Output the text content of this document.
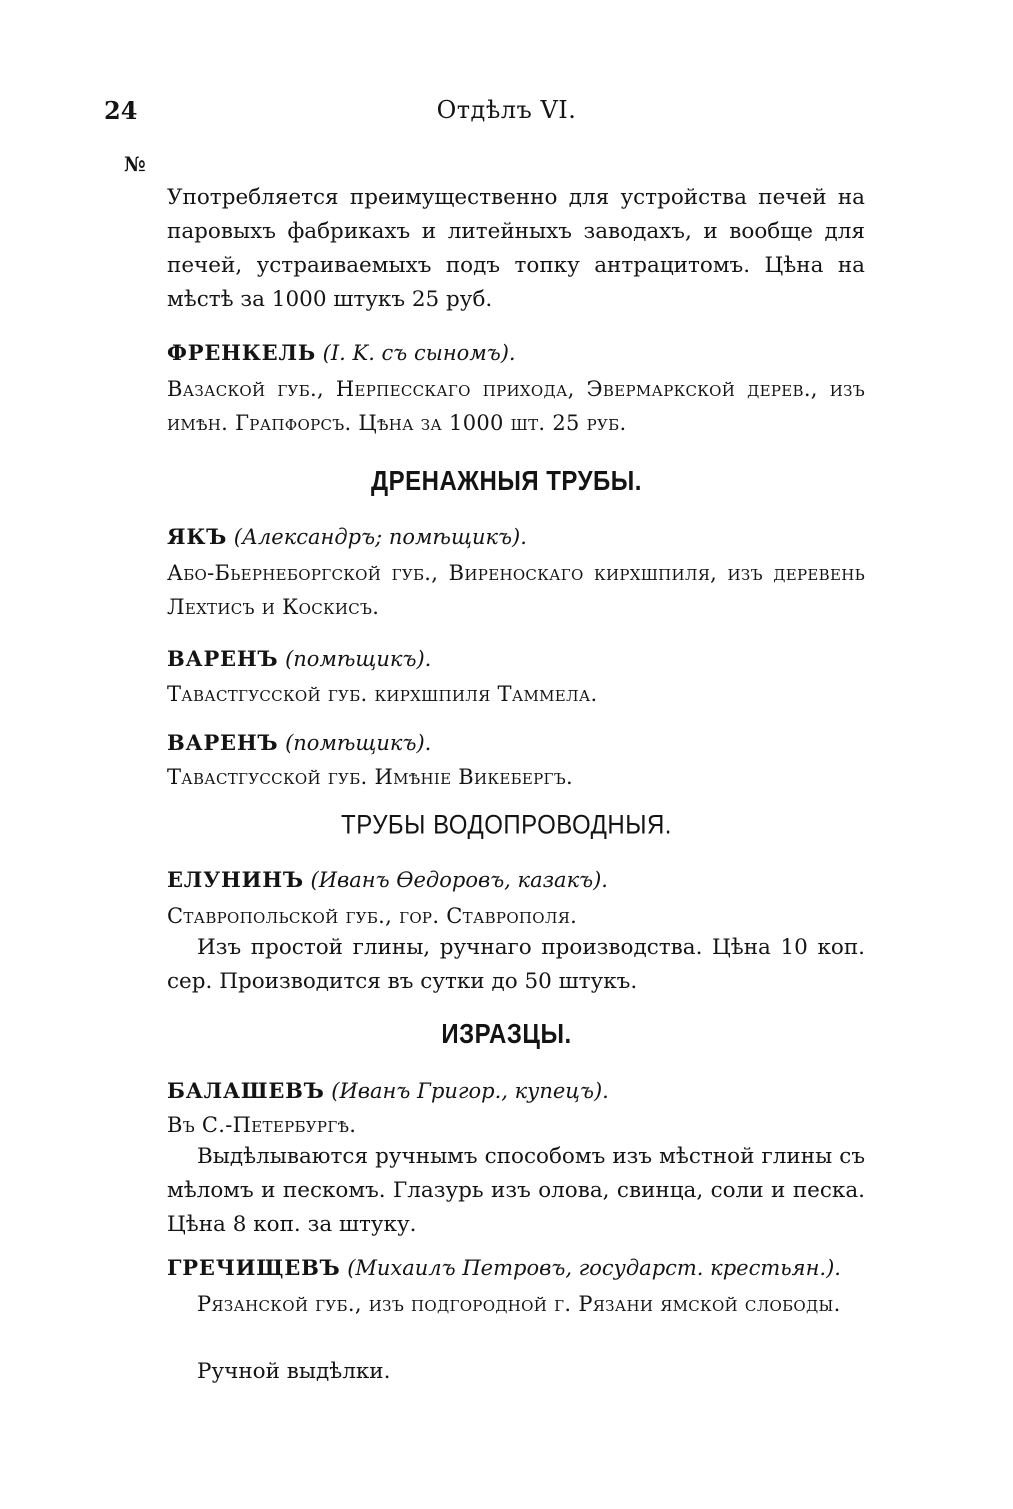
24	Отдѣлъ VI.
№
Употребляется преимущественно для устройства печей на паровыхъ фабрикахъ и литейныхъ заводахъ, и вообще для печей, устраиваемыхъ подъ топку антрацитомъ. Цѣна на мѣстѣ за 1000 штукъ 25 руб.
ФРЕНКЕЛЬ (I. K. съ сыномъ).
Вазаской губ., Нерпесскаго прихода, Эвермаркской дерев., изъ имѣн. Грапфорсъ. Цѣна за 1000 шт. 25 руб.
ДРЕНАЖНЫЯ ТРУБЫ.
ЯКЪ (Александръ; помѣщикъ).
Або-Бьернеборгской губ., Виреноскаго кирхшпиля, изъ деревень Лехтисъ и Коскисъ.
ВАРЕНЪ (помѣщикъ).
Тавастгусской губ. кирхшпиля Таммела.
ВАРЕНЪ (помѣщикъ).
Тавастгусской губ. Имѣніе Викебергъ.
ТРУБЫ ВОДОПРОВОДНЫЯ.
ЕЛУНИНЪ (Иванъ Ѳедоровъ, казакъ).
Ставропольской губ., гор. Ставрополя.
Изъ простой глины, ручнаго производства. Цѣна 10 коп. сер. Производится въ сутки до 50 штукъ.
ИЗРАЗЦЫ.
БАЛАШЕВЪ (Иванъ Григор., купецъ).
Въ С.-Петербургѣ.
Выдѣлываются ручнымъ способомъ изъ мѣстной глины съ мѣломъ и пескомъ. Глазурь изъ олова, свинца, соли и песка. Цѣна 8 коп. за штуку.
ГРЕЧИЩЕВЪ (Михаилъ Петровъ, государст. крестьян.).
Рязанской губ., изъ подгородной г. Рязани ямской слободы.
Ручной выдѣлки.
